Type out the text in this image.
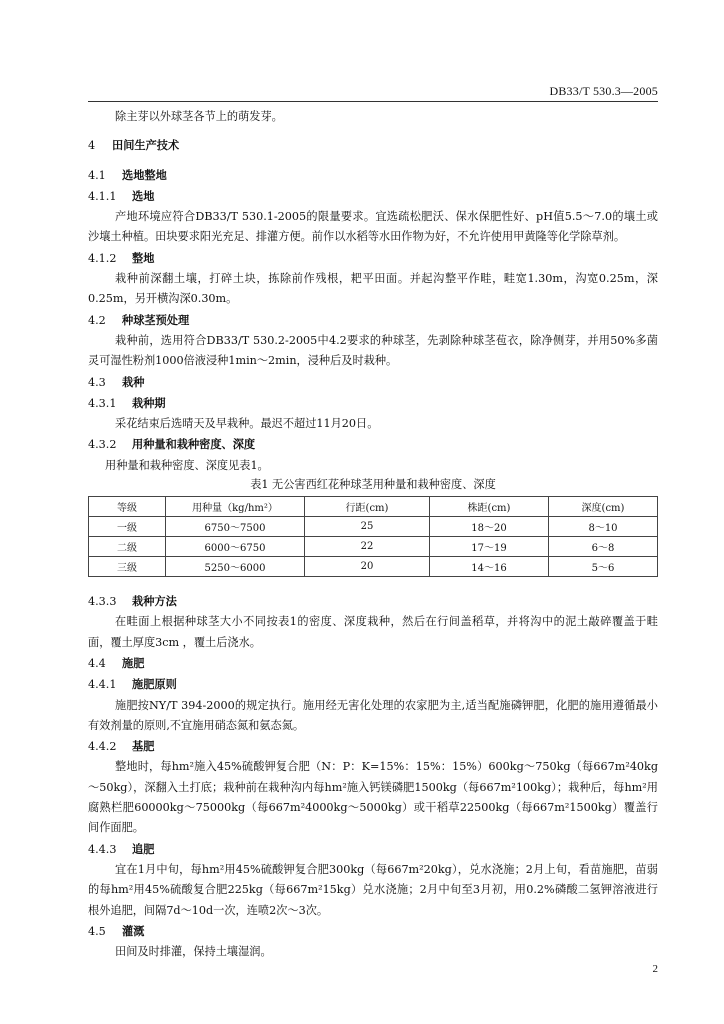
DB33/T 530.3—2005

除主芽以外球茎各节上的萌发芽。

4 田间生产技术

4.1 选地整地

4.1.1 选地

产地环境应符合DB33/T 530.1-2005的限量要求。宜选疏松肥沃、保水保肥性好、pH值5.5～7.0的壤土或沙壤土种植。田块要求阳光充足、排灌方便。前作以水稻等水田作物为好，不允许使用甲黄隆等化学除草剂。

4.1.2 整地

栽种前深翻土壤，打碎土块，拣除前作残根，耙平田面。并起沟整平作畦，畦宽1.30m，沟宽0.25m，深0.25m，另开横沟深0.30m。

4.2 种球茎预处理

栽种前，选用符合DB33/T 530.2-2005中4.2要求的种球茎，先剥除种球茎苞衣，除净侧芽，并用50%多菌灵可湿性粉剂1000倍液浸种1min～2min，浸种后及时栽种。

4.3 栽种

4.3.1 栽种期

采花结束后选晴天及早栽种。最迟不超过11月20日。

4.3.2 用种量和栽种密度、深度

用种量和栽种密度、深度见表1。

表1 无公害西红花种球茎用种量和栽种密度、深度

等级	用种量（kg/hm²）	行距(cm)	株距(cm)	深度(cm)
一级	6750～7500	25	18～20	8～10
二级	6000～6750	22	17～19	6～8
三级	5250～6000	20	14～16	5～6

4.3.3 栽种方法

在畦面上根据种球茎大小不同按表1的密度、深度栽种，然后在行间盖稻草，并将沟中的泥土敲碎覆盖于畦面，覆土厚度3cm ，覆土后浇水。

4.4 施肥

4.4.1 施肥原则

施肥按NY/T 394-2000的规定执行。施用经无害化处理的农家肥为主,适当配施磷钾肥，化肥的施用遵循最小有效剂量的原则,不宜施用硝态氮和氨态氮。

4.4.2 基肥

整地时，每hm²施入45%硫酸钾复合肥（N：P：K=15%：15%：15%）600kg～750kg（每667m²40kg～50kg），深翻入土打底；栽种前在栽种沟内每hm²施入钙镁磷肥1500kg（每667m²100kg）；栽种后，每hm²用腐熟栏肥60000kg～75000kg（每667m²4000kg～5000kg）或干稻草22500kg（每667m²1500kg）覆盖行间作面肥。

4.4.3 追肥

宜在1月中旬，每hm²用45%硫酸钾复合肥300kg（每667m²20kg），兑水浇施；2月上旬，看苗施肥，苗弱的每hm²用45%硫酸复合肥225kg（每667m²15kg）兑水浇施；2月中旬至3月初，用0.2%磷酸二氢钾溶液进行根外追肥，间隔7d～10d一次，连喷2次～3次。

4.5 灌溉

田间及时排灌，保持土壤湿润。

2
